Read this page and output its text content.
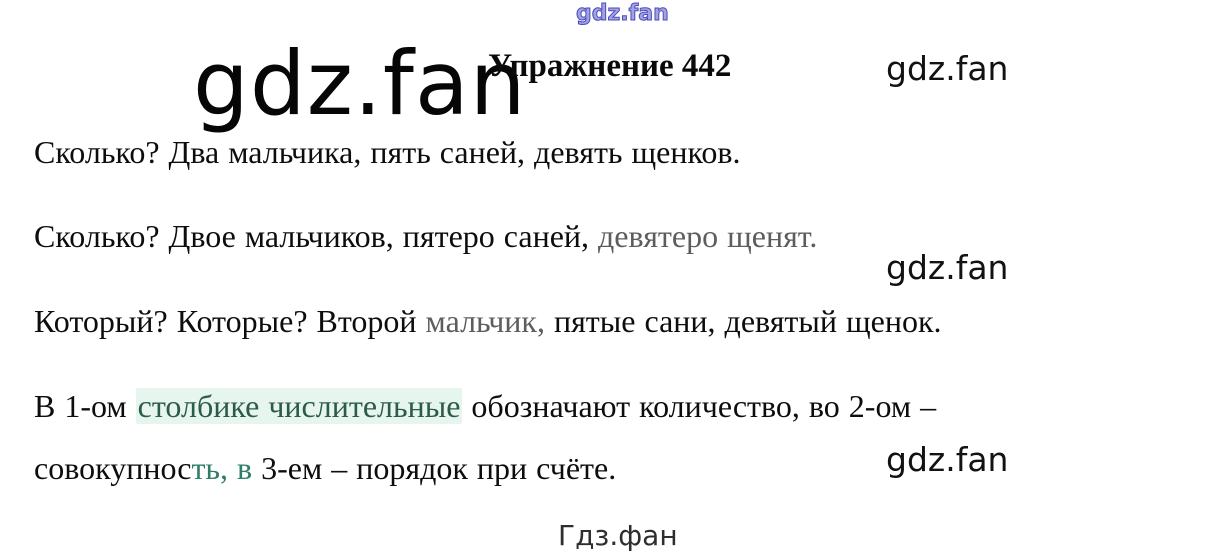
gdz.fan
gdz.fan
Упражнение 442	gdz.fan
gdz.fan
gdz.fan

Сколько? Два мальчика, пять саней, девять щенков.

Сколько? Двое мальчиков, пятеро саней, девятеро щенят.

Который? Которые? Второй мальчик, пятые сани, девятый щенок.

В 1-ом столбике числительные обозначают количество, во 2-ом –

совокупность, в 3-ем – порядок при счёте.

Гдз.фан
